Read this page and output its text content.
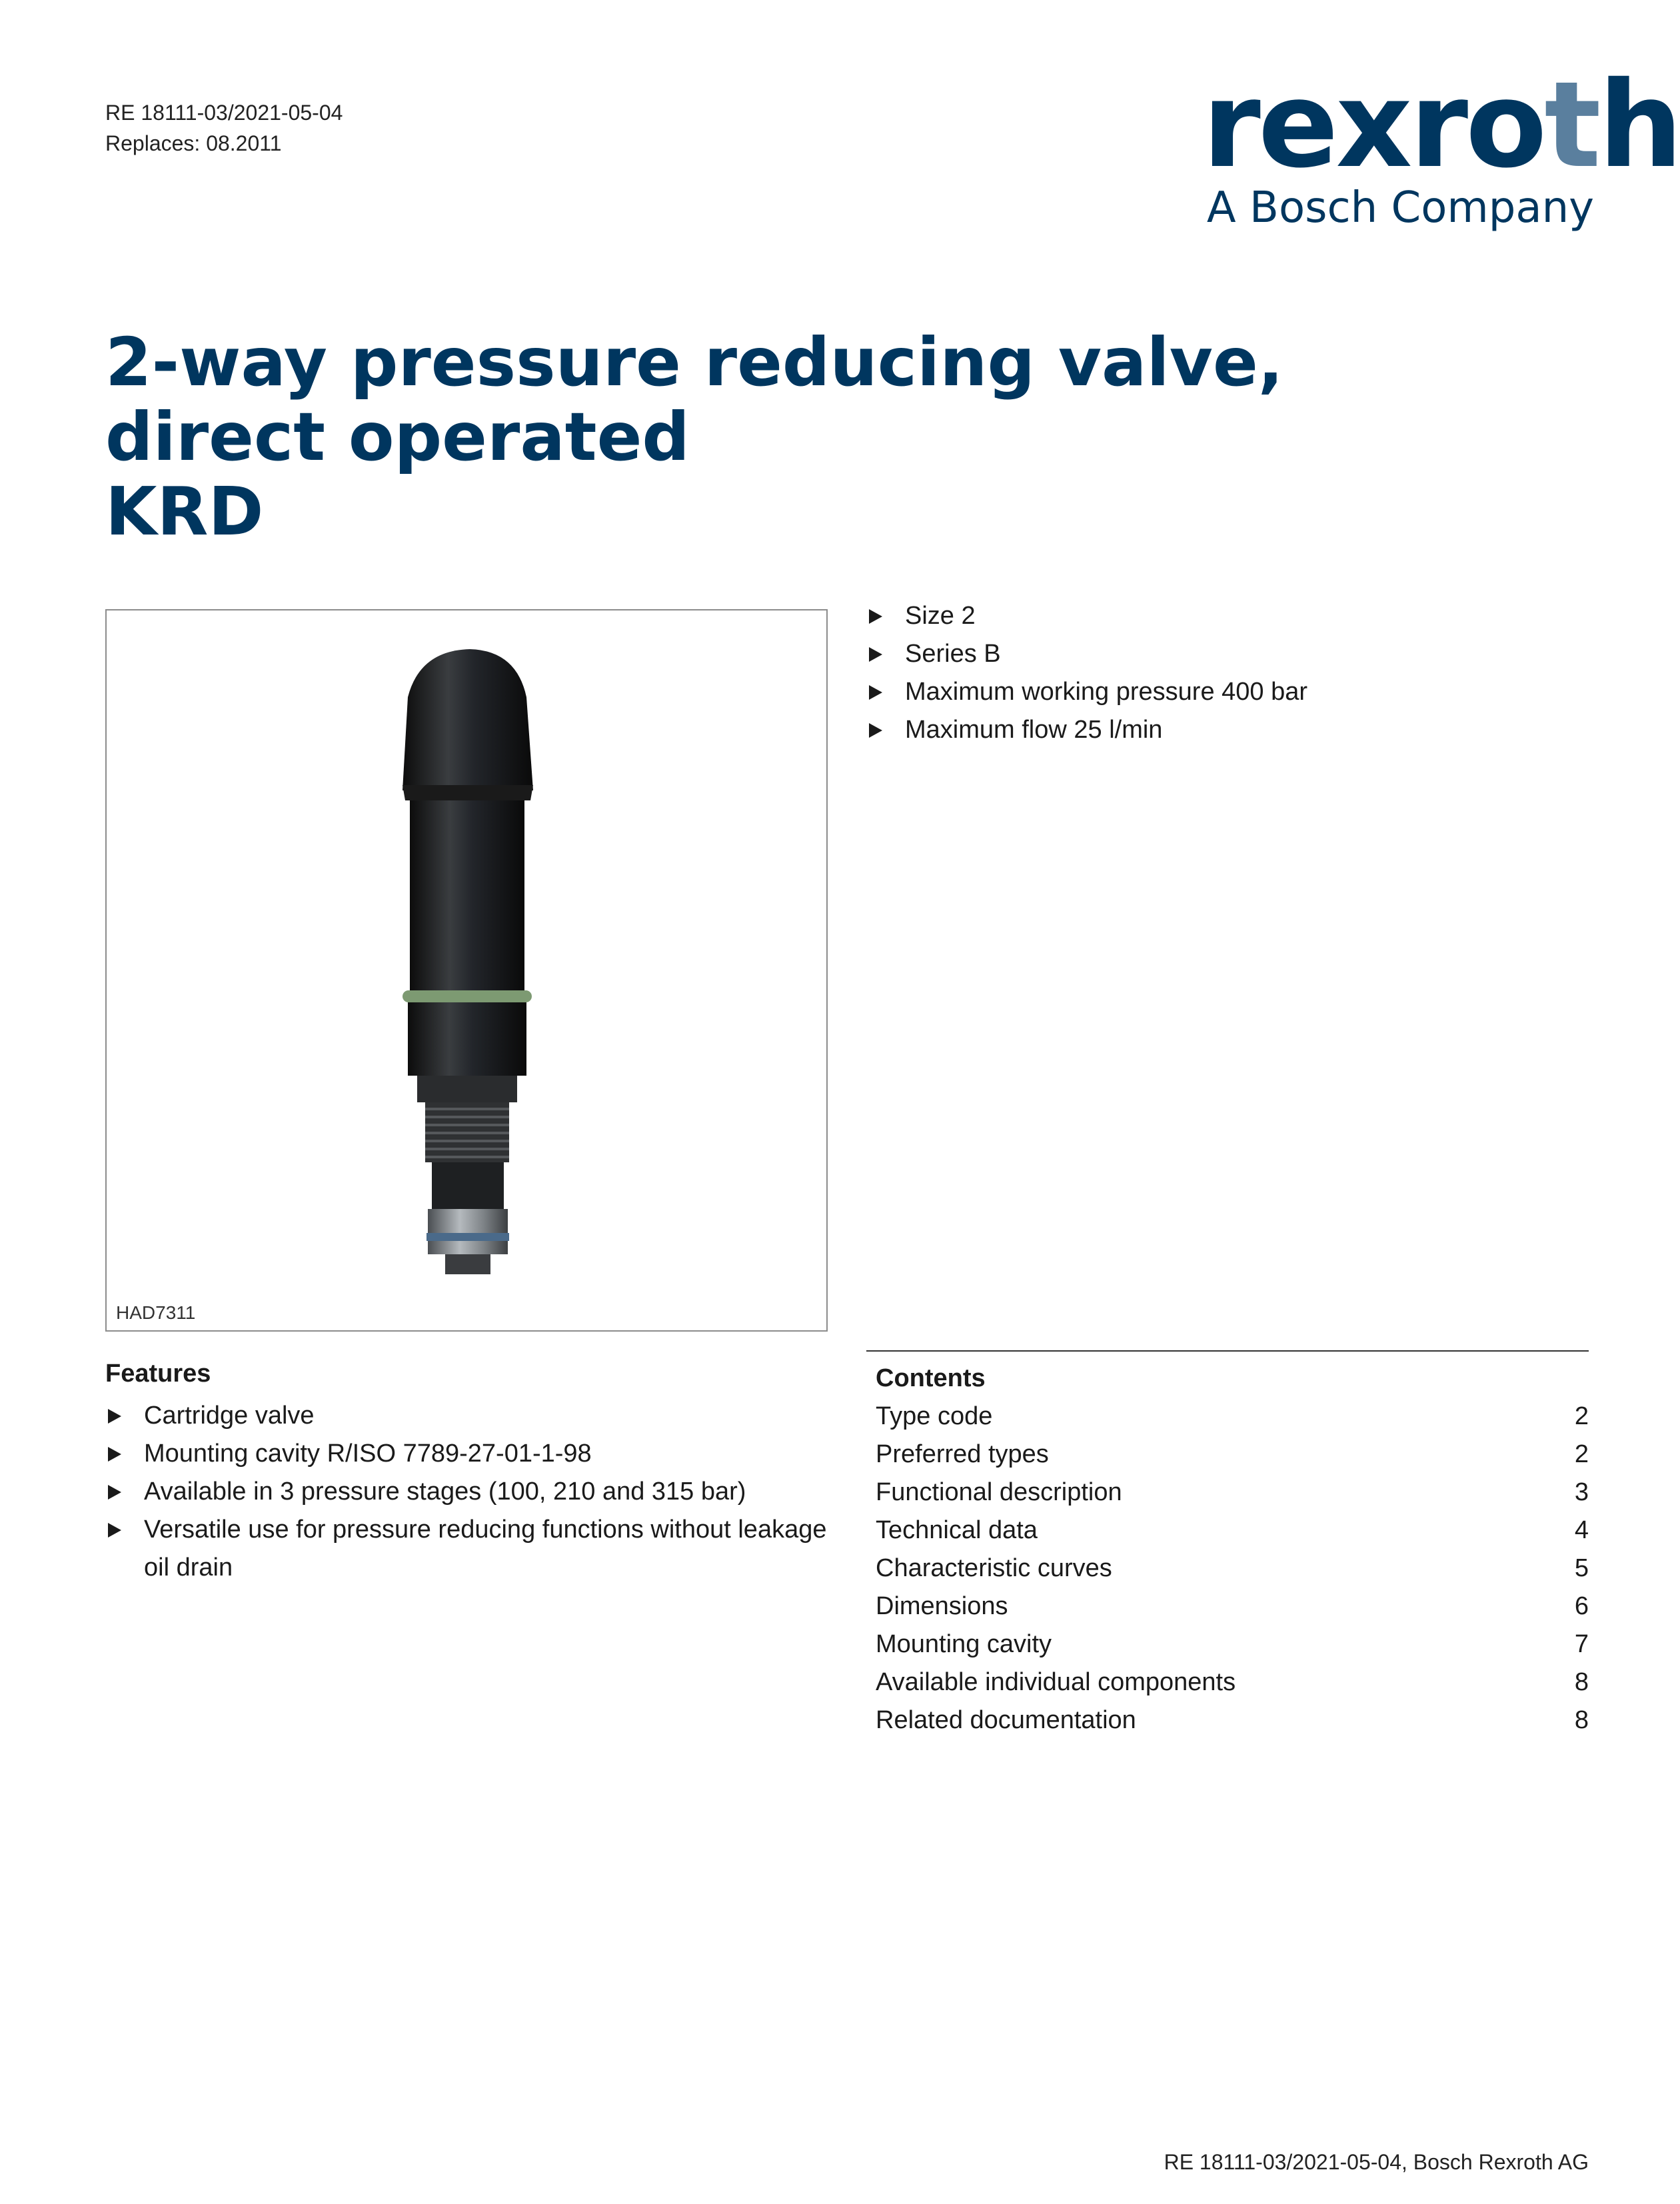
RE 18111-03/2021-05-04
Replaces: 08.2011	rexroth
A Bosch Company
2-way pressure reducing valve,
direct operated
KRD
HAD7311
Size 2
Series B
Maximum working pressure 400 bar
Maximum flow 25 l/min
Features
Cartridge valve
Mounting cavity R/ISO 7789-27-01-1-98
Available in 3 pressure stages (100, 210 and 315 bar)
Versatile use for pressure reducing functions without leakage oil drain
Contents
Type code	2
Preferred types	2
Functional description	3
Technical data	4
Characteristic curves	5
Dimensions	6
Mounting cavity	7
Available individual components	8
Related documentation	8
RE 18111-03/2021-05-04, Bosch Rexroth AG
